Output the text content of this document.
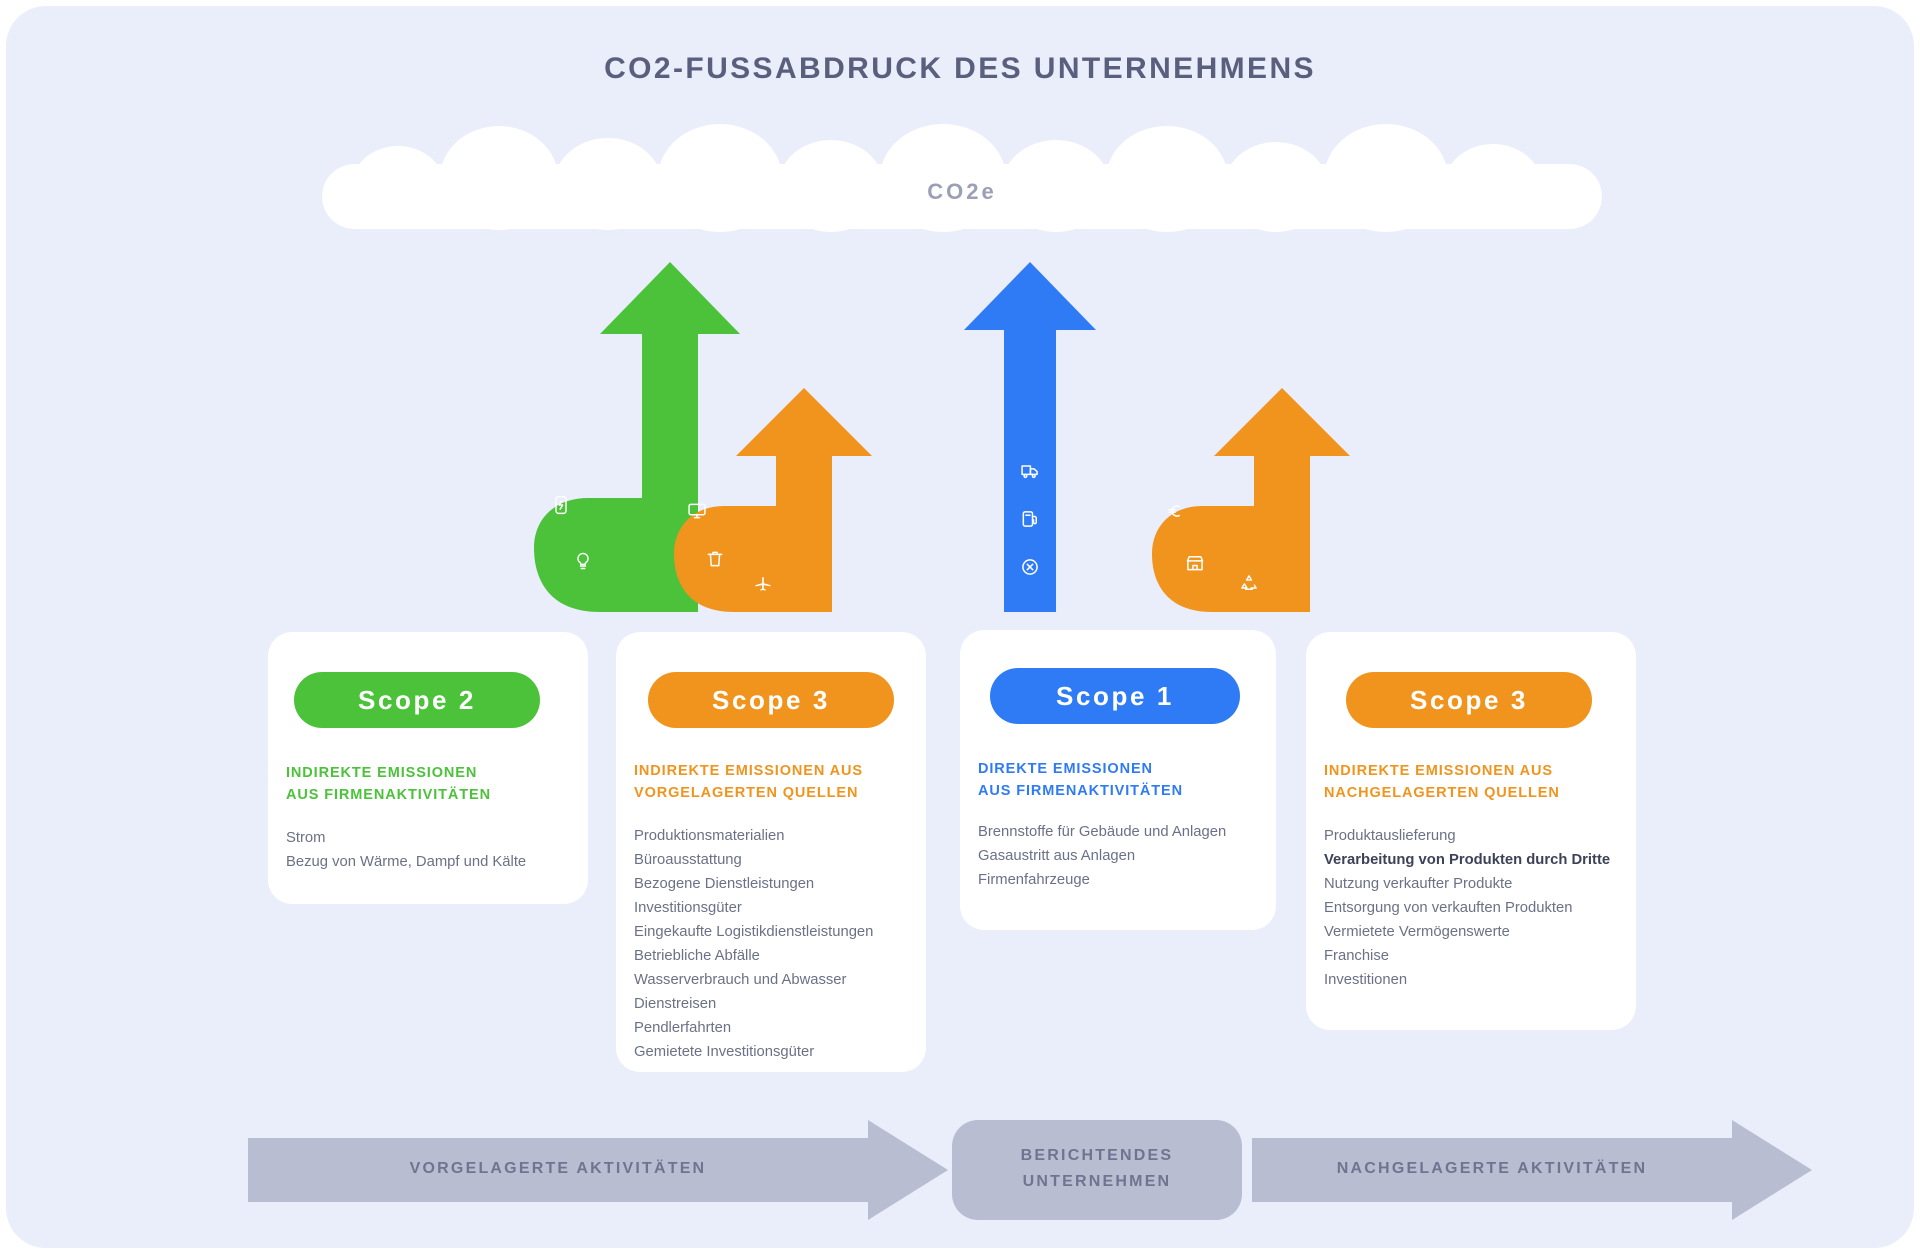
CO2-FUSSABDRUCK DES UNTERNEHMENS
CO2e
Scope 2
INDIREKTE EMISSIONEN
AUS FIRMENAKTIVITÄTEN
Strom
Bezug von Wärme, Dampf und Kälte
Scope 3
INDIREKTE EMISSIONEN AUS
VORGELAGERTEN QUELLEN
Produktionsmaterialien
Büroausstattung
Bezogene Dienstleistungen
Investitionsgüter
Eingekaufte Logistikdienstleistungen
Betriebliche Abfälle
Wasserverbrauch und Abwasser
Dienstreisen
Pendlerfahrten
Gemietete Investitionsgüter
Scope 1
DIREKTE EMISSIONEN
AUS FIRMENAKTIVITÄTEN
Brennstoffe für Gebäude und Anlagen
Gasaustritt aus Anlagen
Firmenfahrzeuge
Scope 3
INDIREKTE EMISSIONEN AUS
NACHGELAGERTEN QUELLEN
Produktauslieferung
Verarbeitung von Produkten durch Dritte
Nutzung verkaufter Produkte
Entsorgung von verkauften Produkten
Vermietete Vermögenswerte
Franchise
Investitionen
VORGELAGERTE AKTIVITÄTEN
BERICHTENDES
UNTERNEHMEN
NACHGELAGERTE AKTIVITÄTEN
